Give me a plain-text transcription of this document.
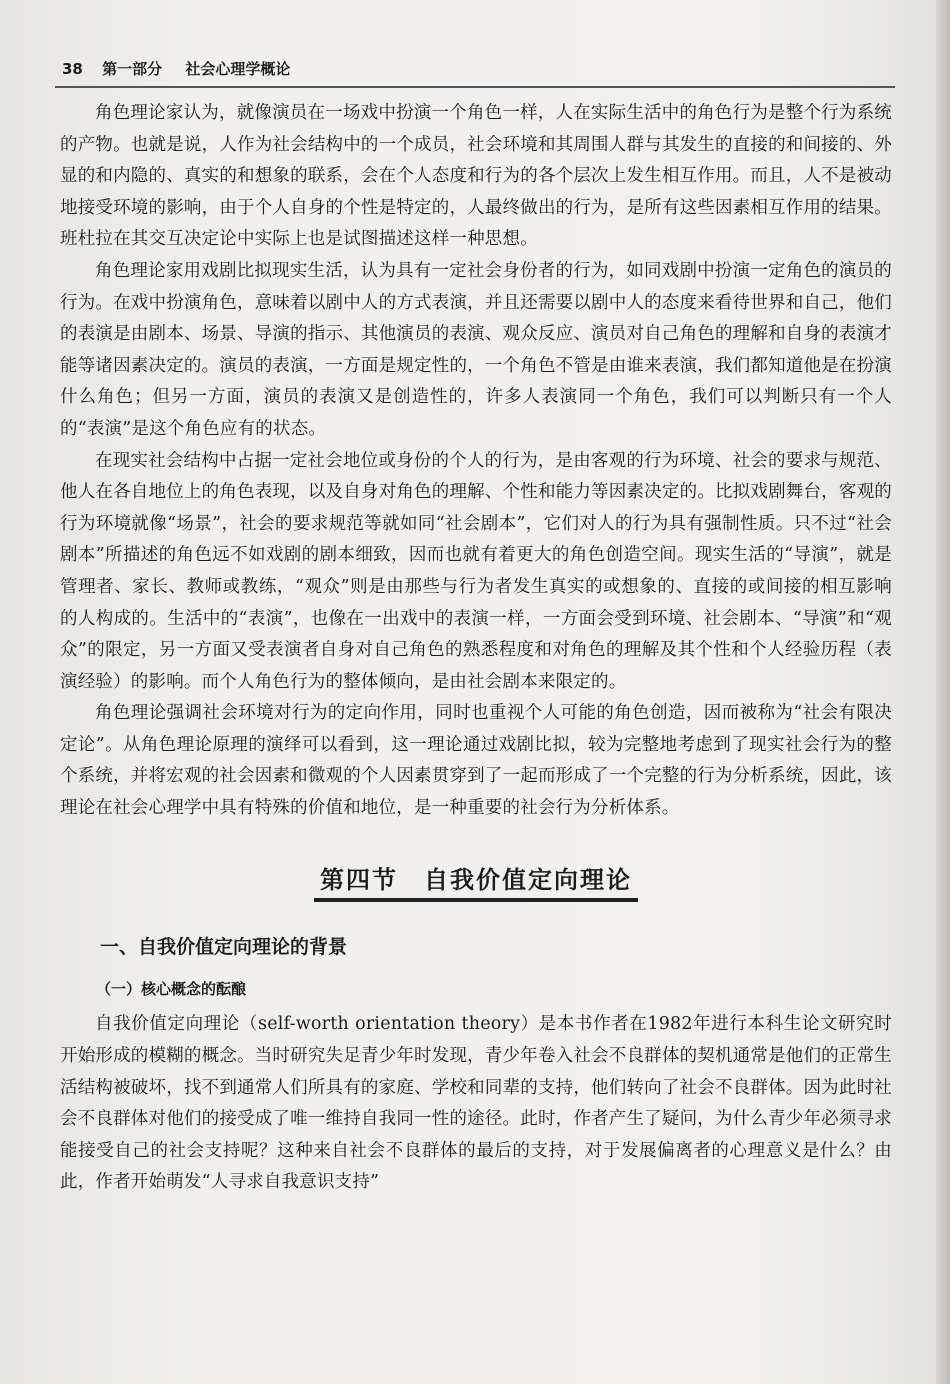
38 第一部分 社会心理学概论

角色理论家认为，就像演员在一场戏中扮演一个角色一样，人在实际生活中的角色行为是整个行为系统的产物。也就是说，人作为社会结构中的一个成员，社会环境和其周围人群与其发生的直接的和间接的、外显的和内隐的、真实的和想象的联系，会在个人态度和行为的各个层次上发生相互作用。而且，人不是被动地接受环境的影响，由于个人自身的个性是特定的，人最终做出的行为，是所有这些因素相互作用的结果。班杜拉在其交互决定论中实际上也是试图描述这样一种思想。

角色理论家用戏剧比拟现实生活，认为具有一定社会身份者的行为，如同戏剧中扮演一定角色的演员的行为。在戏中扮演角色，意味着以剧中人的方式表演，并且还需要以剧中人的态度来看待世界和自己，他们的表演是由剧本、场景、导演的指示、其他演员的表演、观众反应、演员对自己角色的理解和自身的表演才能等诸因素决定的。演员的表演，一方面是规定性的，一个角色不管是由谁来表演，我们都知道他是在扮演什么角色；但另一方面，演员的表演又是创造性的，许多人表演同一个角色，我们可以判断只有一个人的“表演”是这个角色应有的状态。

在现实社会结构中占据一定社会地位或身份的个人的行为，是由客观的行为环境、社会的要求与规范、他人在各自地位上的角色表现，以及自身对角色的理解、个性和能力等因素决定的。比拟戏剧舞台，客观的行为环境就像“场景”，社会的要求规范等就如同“社会剧本”，它们对人的行为具有强制性质。只不过“社会剧本”所描述的角色远不如戏剧的剧本细致，因而也就有着更大的角色创造空间。现实生活的“导演”，就是管理者、家长、教师或教练，“观众”则是由那些与行为者发生真实的或想象的、直接的或间接的相互影响的人构成的。生活中的“表演”，也像在一出戏中的表演一样，一方面会受到环境、社会剧本、“导演”和“观众”的限定，另一方面又受表演者自身对自己角色的熟悉程度和对角色的理解及其个性和个人经验历程（表演经验）的影响。而个人角色行为的整体倾向，是由社会剧本来限定的。

角色理论强调社会环境对行为的定向作用，同时也重视个人可能的角色创造，因而被称为“社会有限决定论”。从角色理论原理的演绎可以看到，这一理论通过戏剧比拟，较为完整地考虑到了现实社会行为的整个系统，并将宏观的社会因素和微观的个人因素贯穿到了一起而形成了一个完整的行为分析系统，因此，该理论在社会心理学中具有特殊的价值和地位，是一种重要的社会行为分析体系。

第四节　自我价值定向理论
一、自我价值定向理论的背景
（一）核心概念的酝酿

自我价值定向理论（self-worth orientation theory）是本书作者在1982年进行本科生论文研究时开始形成的模糊的概念。当时研究失足青少年时发现，青少年卷入社会不良群体的契机通常是他们的正常生活结构被破坏，找不到通常人们所具有的家庭、学校和同辈的支持，他们转向了社会不良群体。因为此时社会不良群体对他们的接受成了唯一维持自我同一性的途径。此时，作者产生了疑问，为什么青少年必须寻求能接受自己的社会支持呢？这种来自社会不良群体的最后的支持，对于发展偏离者的心理意义是什么？由此，作者开始萌发“人寻求自我意识支持”
